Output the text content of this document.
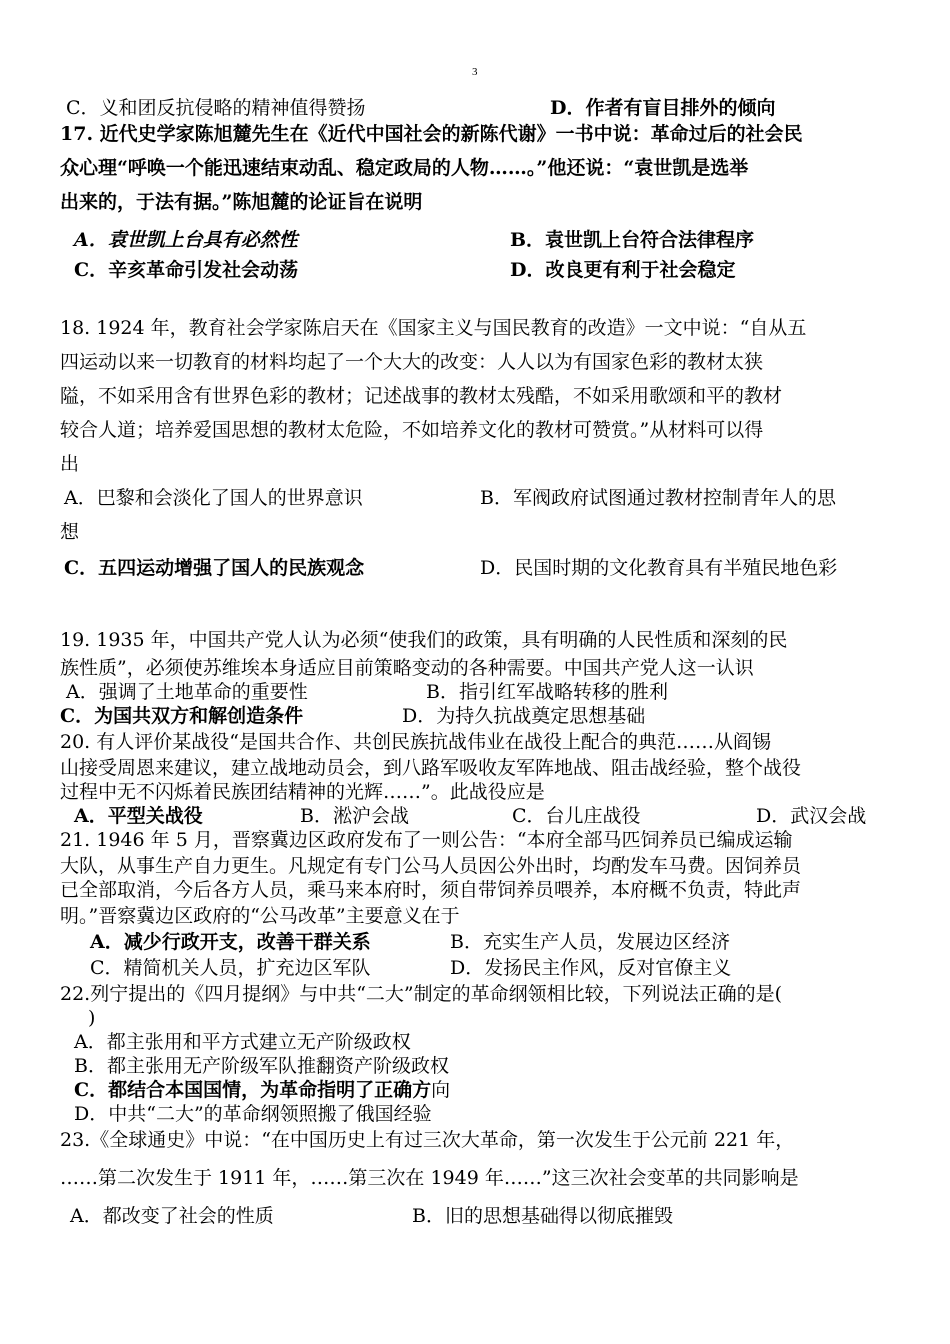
3
C．义和团反抗侵略的精神值得赞扬	D．作者有盲目排外的倾向
17. 近代史学家陈旭麓先生在《近代中国社会的新陈代谢》一书中说：革命过后的社会民
众心理“呼唤一个能迅速结束动乱、稳定政局的人物……。”他还说：“袁世凯是选举
出来的，于法有据。”陈旭麓的论证旨在说明
A．袁世凯上台具有必然性	B．袁世凯上台符合法律程序
C．辛亥革命引发社会动荡	D．改良更有利于社会稳定
18. 1924 年，教育社会学家陈启天在《国家主义与国民教育的改造》一文中说：“自从五
四运动以来一切教育的材料均起了一个大大的改变：人人以为有国家色彩的教材太狭
隘，不如采用含有世界色彩的教材；记述战事的教材太残酷，不如采用歌颂和平的教材
较合人道；培养爱国思想的教材太危险，不如培养文化的教材可赞赏。”从材料可以得
出
A．巴黎和会淡化了国人的世界意识	B．军阀政府试图通过教材控制青年人的思
想
C．五四运动增强了国人的民族观念	D．民国时期的文化教育具有半殖民地色彩
19. 1935 年，中国共产党人认为必须“使我们的政策，具有明确的人民性质和深刻的民
族性质”，必须使苏维埃本身适应目前策略变动的各种需要。中国共产党人这一认识
A．强调了土地革命的重要性	B．指引红军战略转移的胜利
C．为国共双方和解创造条件	D．为持久抗战奠定思想基础
20. 有人评价某战役“是国共合作、共创民族抗战伟业在战役上配合的典范……从阎锡
山接受周恩来建议，建立战地动员会，到八路军吸收友军阵地战、阻击战经验，整个战役
过程中无不闪烁着民族团结精神的光辉……”。此战役应是
A．平型关战役	B．淞沪会战	C．台儿庄战役	D．武汉会战
21. 1946 年 5 月，晋察冀边区政府发布了一则公告：“本府全部马匹饲养员已编成运输
大队，从事生产自力更生。凡规定有专门公马人员因公外出时，均酌发车马费。因饲养员
已全部取消，今后各方人员，乘马来本府时，须自带饲养员喂养，本府概不负责，特此声
明。”晋察冀边区政府的“公马改革”主要意义在于
A．减少行政开支，改善干群关系	B．充实生产人员，发展边区经济
C．精简机关人员，扩充边区军队	D．发扬民主作风，反对官僚主义
22.列宁提出的《四月提纲》与中共“二大”制定的革命纲领相比较，下列说法正确的是(
)
A．都主张用和平方式建立无产阶级政权
B．都主张用无产阶级军队推翻资产阶级政权
C．都结合本国国情，为革命指明了正确方向
D．中共“二大”的革命纲领照搬了俄国经验
23.《全球通史》中说：“在中国历史上有过三次大革命，第一次发生于公元前 221 年，
……第二次发生于 1911 年，……第三次在 1949 年……”这三次社会变革的共同影响是
A．都改变了社会的性质	B．旧的思想基础得以彻底摧毁
